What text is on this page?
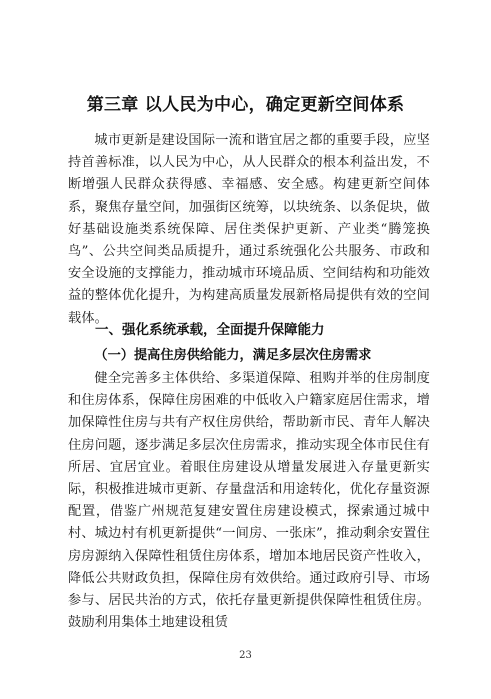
第三章 以人民为中心，确定更新空间体系

城市更新是建设国际一流和谐宜居之都的重要手段，应坚持首善标准，以人民为中心，从人民群众的根本利益出发，不断增强人民群众获得感、幸福感、安全感。构建更新空间体系，聚焦存量空间，加强街区统筹，以块统条、以条促块，做好基础设施类系统保障、居住类保护更新、产业类“腾笼换鸟”、公共空间类品质提升，通过系统强化公共服务、市政和安全设施的支撑能力，推动城市环境品质、空间结构和功能效益的整体优化提升，为构建高质量发展新格局提供有效的空间载体。

一、强化系统承载，全面提升保障能力
（一）提高住房供给能力，满足多层次住房需求

健全完善多主体供给、多渠道保障、租购并举的住房制度和住房体系，保障住房困难的中低收入户籍家庭居住需求，增加保障性住房与共有产权住房供给，帮助新市民、青年人解决住房问题，逐步满足多层次住房需求，推动实现全体市民住有所居、宜居宜业。着眼住房建设从增量发展进入存量更新实际，积极推进城市更新、存量盘活和用途转化，优化存量资源配置，借鉴广州规范复建安置住房建设模式，探索通过城中村、城边村有机更新提供“一间房、一张床”，推动剩余安置住房房源纳入保障性租赁住房体系，增加本地居民资产性收入，降低公共财政负担，保障住房有效供给。通过政府引导、市场参与、居民共治的方式，依托存量更新提供保障性租赁住房。鼓励利用集体土地建设租赁

23
